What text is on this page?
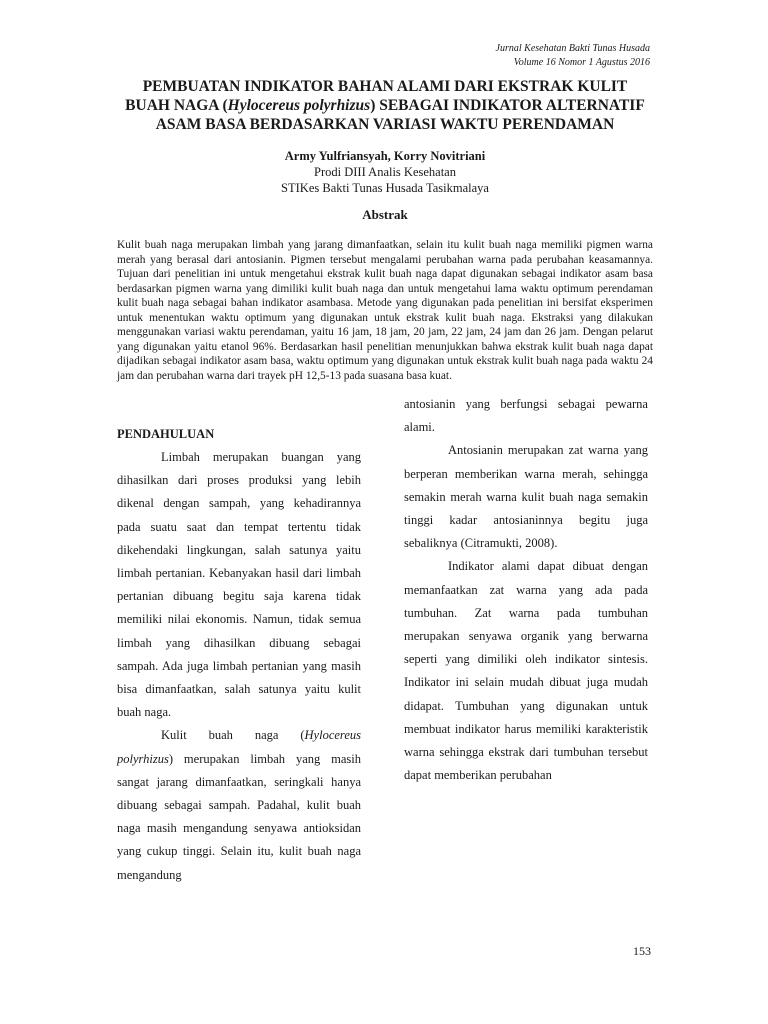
Jurnal Kesehatan Bakti Tunas Husada
Volume 16 Nomor 1 Agustus 2016
PEMBUATAN INDIKATOR BAHAN ALAMI DARI EKSTRAK KULIT
BUAH NAGA (Hylocereus polyrhizus) SEBAGAI INDIKATOR ALTERNATIF
ASAM BASA BERDASARKAN VARIASI WAKTU PERENDAMAN
Army Yulfriansyah, Korry Novitriani
Prodi DIII Analis Kesehatan
STIKes Bakti Tunas Husada Tasikmalaya
Abstrak

Kulit buah naga merupakan limbah yang jarang dimanfaatkan, selain itu kulit buah naga memiliki pigmen warna merah yang berasal dari antosianin. Pigmen tersebut mengalami perubahan warna pada perubahan keasamannya. Tujuan dari penelitian ini untuk mengetahui ekstrak kulit buah naga dapat digunakan sebagai indikator asam basa berdasarkan pigmen warna yang dimiliki kulit buah naga dan untuk mengetahui lama waktu optimum perendaman kulit buah naga sebagai bahan indikator asambasa. Metode yang digunakan pada penelitian ini bersifat eksperimen untuk menentukan waktu optimum yang digunakan untuk ekstrak kulit buah naga. Ekstraksi yang dilakukan menggunakan variasi waktu perendaman, yaitu 16 jam, 18 jam, 20 jam, 22 jam, 24 jam dan 26 jam. Dengan pelarut yang digunakan yaitu etanol 96%. Berdasarkan hasil penelitian menunjukkan bahwa ekstrak kulit buah naga dapat dijadikan sebagai indikator asam basa, waktu optimum yang digunakan untuk ekstrak kulit buah naga pada waktu 24 jam dan perubahan warna dari trayek pH 12,5-13 pada suasana basa kuat.

PENDAHULUAN

Limbah merupakan buangan yang dihasilkan dari proses produksi yang lebih dikenal dengan sampah, yang kehadirannya pada suatu saat dan tempat tertentu tidak dikehendaki lingkungan, salah satunya yaitu limbah pertanian. Kebanyakan hasil dari limbah pertanian dibuang begitu saja karena tidak memiliki nilai ekonomis. Namun, tidak semua limbah yang dihasilkan dibuang sebagai sampah. Ada juga limbah pertanian yang masih bisa dimanfaatkan, salah satunya yaitu kulit buah naga.

Kulit buah naga (Hylocereus polyrhizus) merupakan limbah yang masih sangat jarang dimanfaatkan, seringkali hanya dibuang sebagai sampah. Padahal, kulit buah naga masih mengandung senyawa antioksidan yang cukup tinggi. Selain itu, kulit buah naga mengandung

antosianin yang berfungsi sebagai pewarna alami.

Antosianin merupakan zat warna yang berperan memberikan warna merah, sehingga semakin merah warna kulit buah naga semakin tinggi kadar antosianinnya begitu juga sebaliknya (Citramukti, 2008).

Indikator alami dapat dibuat dengan memanfaatkan zat warna yang ada pada tumbuhan. Zat warna pada tumbuhan merupakan senyawa organik yang berwarna seperti yang dimiliki oleh indikator sintesis. Indikator ini selain mudah dibuat juga mudah didapat. Tumbuhan yang digunakan untuk membuat indikator harus memiliki karakteristik warna sehingga ekstrak dari tumbuhan tersebut dapat memberikan perubahan

153
